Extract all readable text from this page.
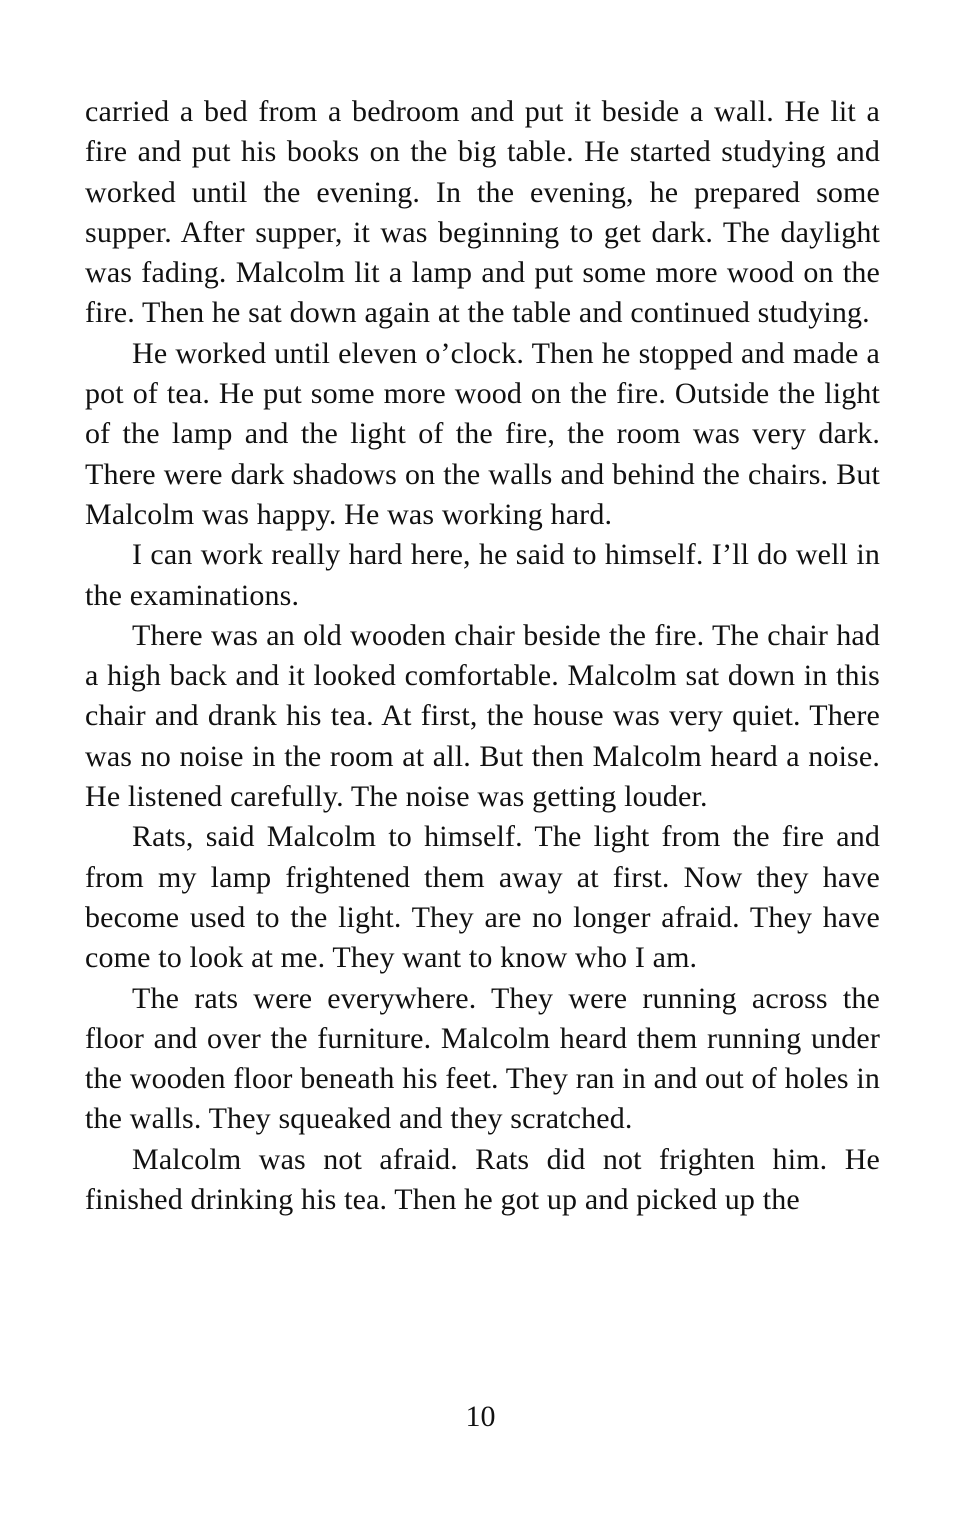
carried a bed from a bedroom and put it beside a wall. He lit a fire and put his books on the big table. He started studying and worked until the evening. In the evening, he prepared some supper. After supper, it was beginning to get dark. The daylight was fading. Malcolm lit a lamp and put some more wood on the fire. Then he sat down again at the table and continued studying.

He worked until eleven o’clock. Then he stopped and made a pot of tea. He put some more wood on the fire. Outside the light of the lamp and the light of the fire, the room was very dark. There were dark shadows on the walls and behind the chairs. But Malcolm was happy. He was working hard.

I can work really hard here, he said to himself. I’ll do well in the examinations.

There was an old wooden chair beside the fire. The chair had a high back and it looked comfortable. Malcolm sat down in this chair and drank his tea. At first, the house was very quiet. There was no noise in the room at all. But then Malcolm heard a noise. He listened carefully. The noise was getting louder.

Rats, said Malcolm to himself. The light from the fire and from my lamp frightened them away at first. Now they have become used to the light. They are no longer afraid. They have come to look at me. They want to know who I am.

The rats were everywhere. They were running across the floor and over the furniture. Malcolm heard them running under the wooden floor beneath his feet. They ran in and out of holes in the walls. They squeaked and they scratched.

Malcolm was not afraid. Rats did not frighten him. He finished drinking his tea. Then he got up and picked up the

10
